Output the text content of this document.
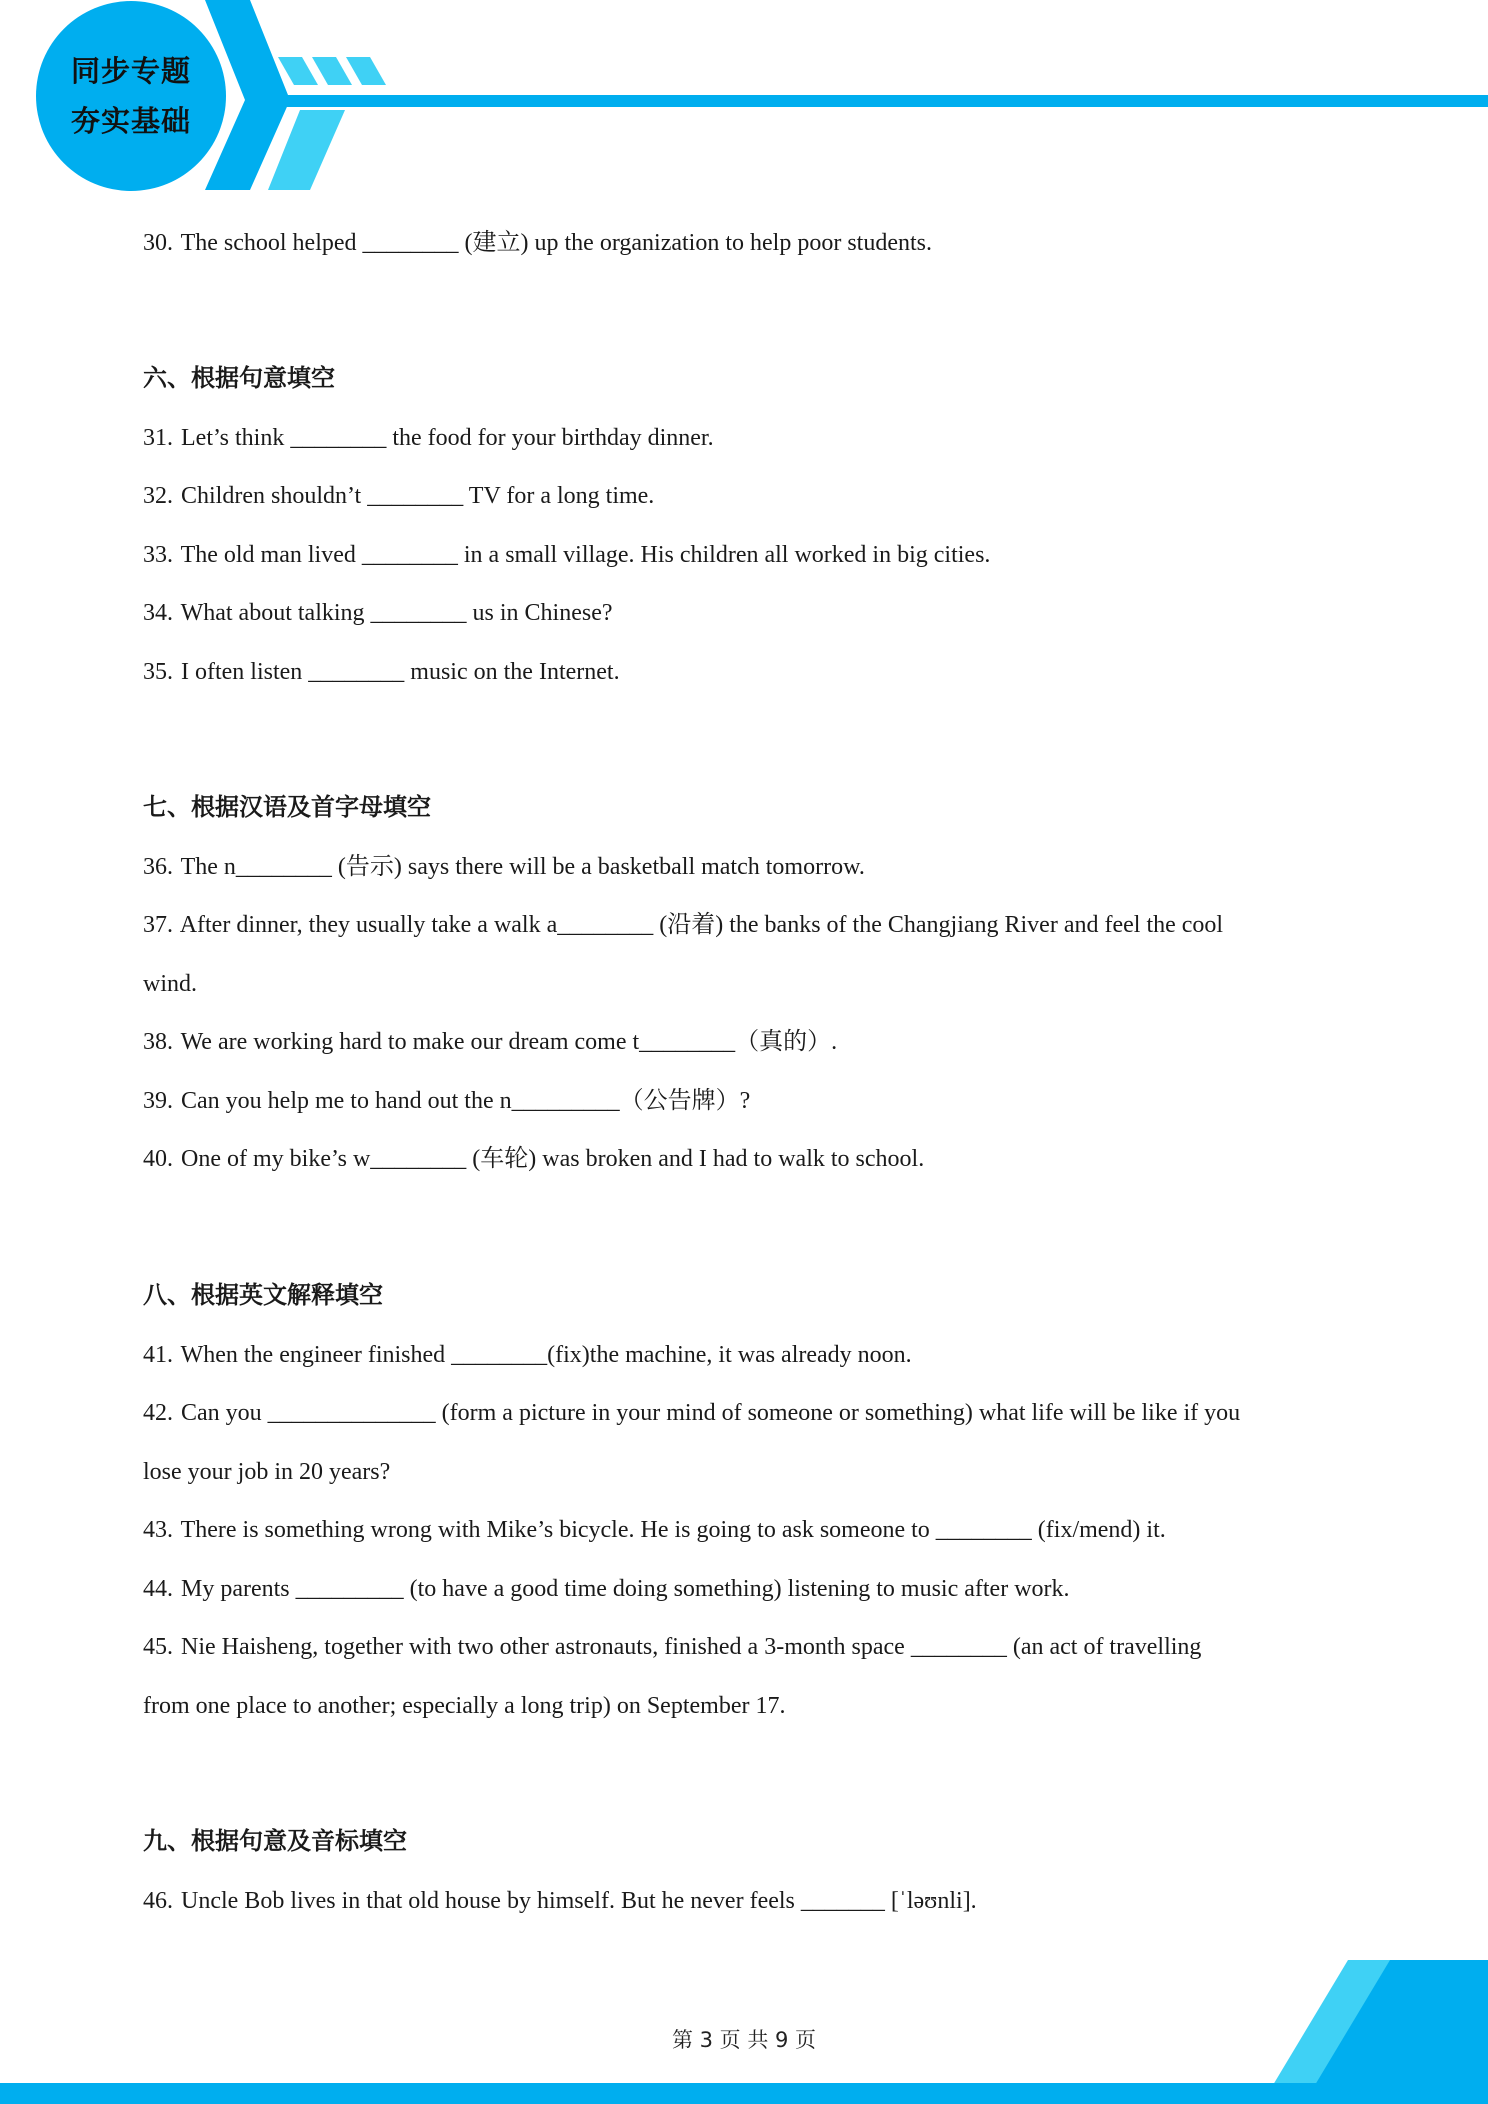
同步专题
夯实基础
30. The school helped ________ (建立) up the organization to help poor students.
六、根据句意填空
31. Let’s think ________ the food for your birthday dinner.
32. Children shouldn’t ________ TV for a long time.
33. The old man lived ________ in a small village. His children all worked in big cities.
34. What about talking ________ us in Chinese?
35. I often listen ________ music on the Internet.
七、根据汉语及首字母填空
36. The n________ (告示) says there will be a basketball match tomorrow.
37. After dinner, they usually take a walk a________ (沿着) the banks of the Changjiang River and feel the cool
wind.
38. We are working hard to make our dream come t________（真的）.
39. Can you help me to hand out the n_________（公告牌）?
40. One of my bike’s w________ (车轮) was broken and I had to walk to school.
八、根据英文解释填空
41. When the engineer finished ________(fix)the machine, it was already noon.
42. Can you ______________ (form a picture in your mind of someone or something) what life will be like if you
lose your job in 20 years?
43. There is something wrong with Mike’s bicycle. He is going to ask someone to ________ (fix/mend) it.
44. My parents _________ (to have a good time doing something) listening to music after work.
45. Nie Haisheng, together with two other astronauts, finished a 3-month space ________ (an act of travelling
from one place to another; especially a long trip) on September 17.
九、根据句意及音标填空
46. Uncle Bob lives in that old house by himself. But he never feels _______ [ˈləʊnli].
第 3 页 共 9 页
